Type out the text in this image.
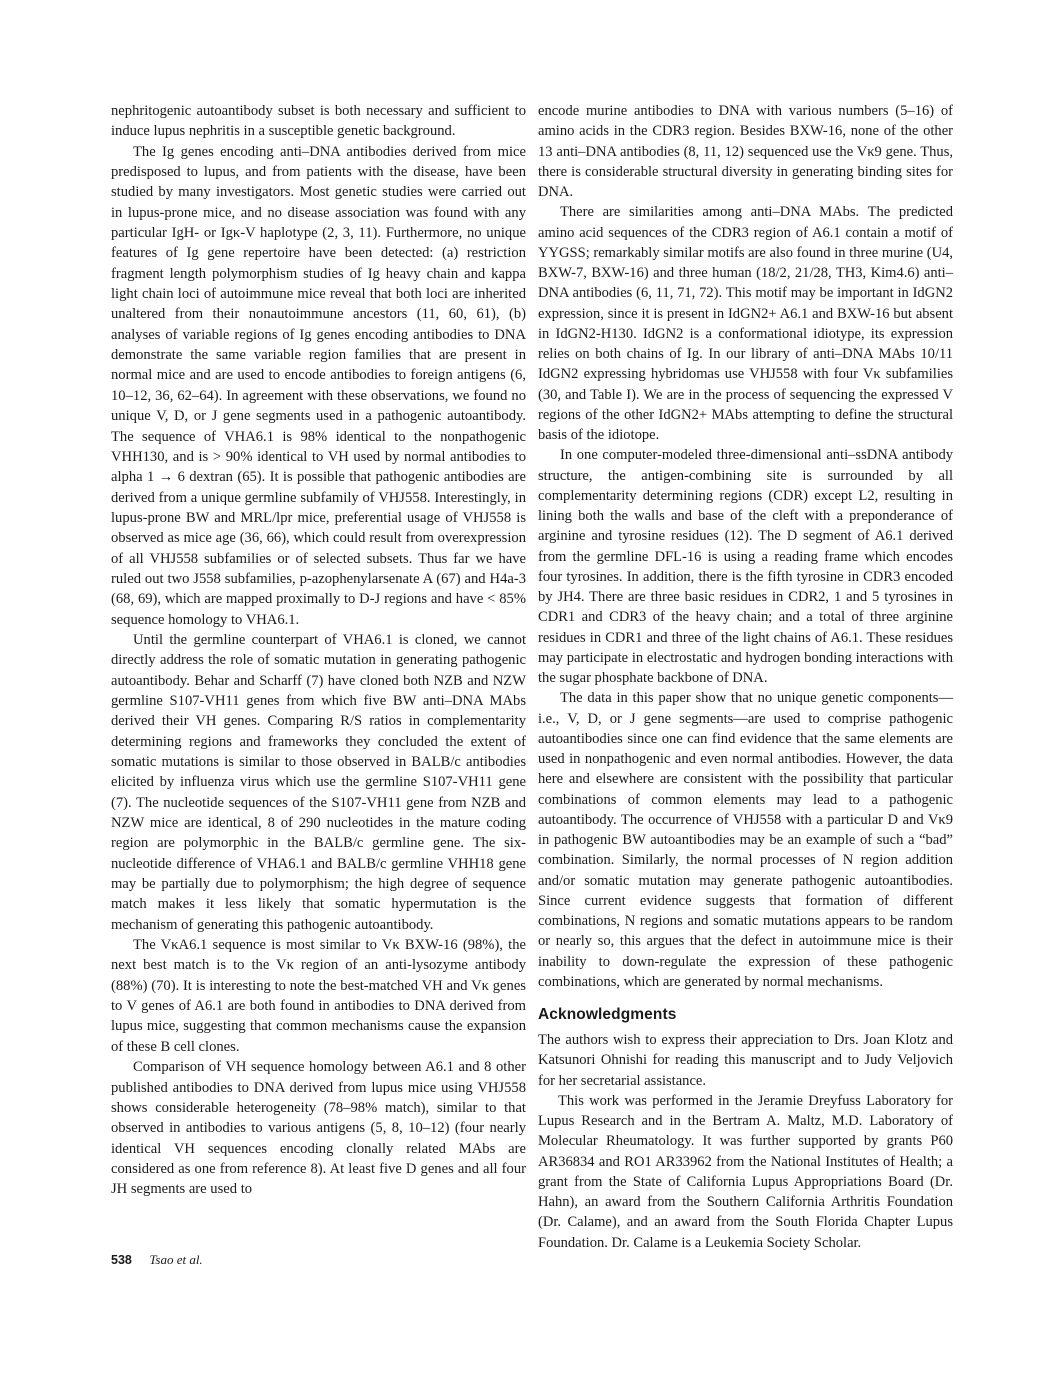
nephritogenic autoantibody subset is both necessary and sufficient to induce lupus nephritis in a susceptible genetic background.

The Ig genes encoding anti–DNA antibodies derived from mice predisposed to lupus, and from patients with the disease, have been studied by many investigators. Most genetic studies were carried out in lupus-prone mice, and no disease association was found with any particular IgH- or Igκ-V haplotype (2, 3, 11). Furthermore, no unique features of Ig gene repertoire have been detected: (a) restriction fragment length polymorphism studies of Ig heavy chain and kappa light chain loci of autoimmune mice reveal that both loci are inherited unaltered from their nonautoimmune ancestors (11, 60, 61), (b) analyses of variable regions of Ig genes encoding antibodies to DNA demonstrate the same variable region families that are present in normal mice and are used to encode antibodies to foreign antigens (6, 10–12, 36, 62–64). In agreement with these observations, we found no unique V, D, or J gene segments used in a pathogenic autoantibody. The sequence of VHA6.1 is 98% identical to the nonpathogenic VHH130, and is > 90% identical to VH used by normal antibodies to alpha 1 → 6 dextran (65). It is possible that pathogenic antibodies are derived from a unique germline subfamily of VHJ558. Interestingly, in lupus-prone BW and MRL/lpr mice, preferential usage of VHJ558 is observed as mice age (36, 66), which could result from overexpression of all VHJ558 subfamilies or of selected subsets. Thus far we have ruled out two J558 subfamilies, p-azophenylarsenate A (67) and H4a-3 (68, 69), which are mapped proximally to D-J regions and have < 85% sequence homology to VHA6.1.

Until the germline counterpart of VHA6.1 is cloned, we cannot directly address the role of somatic mutation in generating pathogenic autoantibody. Behar and Scharff (7) have cloned both NZB and NZW germline S107-VH11 genes from which five BW anti–DNA MAbs derived their VH genes. Comparing R/S ratios in complementarity determining regions and frameworks they concluded the extent of somatic mutations is similar to those observed in BALB/c antibodies elicited by influenza virus which use the germline S107-VH11 gene (7). The nucleotide sequences of the S107-VH11 gene from NZB and NZW mice are identical, 8 of 290 nucleotides in the mature coding region are polymorphic in the BALB/c germline gene. The six-nucleotide difference of VHA6.1 and BALB/c germline VHH18 gene may be partially due to polymorphism; the high degree of sequence match makes it less likely that somatic hypermutation is the mechanism of generating this pathogenic autoantibody.

The VκA6.1 sequence is most similar to Vκ BXW-16 (98%), the next best match is to the Vκ region of an anti-lysozyme antibody (88%) (70). It is interesting to note the best-matched VH and Vκ genes to V genes of A6.1 are both found in antibodies to DNA derived from lupus mice, suggesting that common mechanisms cause the expansion of these B cell clones.

Comparison of VH sequence homology between A6.1 and 8 other published antibodies to DNA derived from lupus mice using VHJ558 shows considerable heterogeneity (78–98% match), similar to that observed in antibodies to various antigens (5, 8, 10–12) (four nearly identical VH sequences encoding clonally related MAbs are considered as one from reference 8). At least five D genes and all four JH segments are used to

encode murine antibodies to DNA with various numbers (5–16) of amino acids in the CDR3 region. Besides BXW-16, none of the other 13 anti–DNA antibodies (8, 11, 12) sequenced use the Vκ9 gene. Thus, there is considerable structural diversity in generating binding sites for DNA.

There are similarities among anti–DNA MAbs. The predicted amino acid sequences of the CDR3 region of A6.1 contain a motif of YYGSS; remarkably similar motifs are also found in three murine (U4, BXW-7, BXW-16) and three human (18/2, 21/28, TH3, Kim4.6) anti–DNA antibodies (6, 11, 71, 72). This motif may be important in IdGN2 expression, since it is present in IdGN2+ A6.1 and BXW-16 but absent in IdGN2-H130. IdGN2 is a conformational idiotype, its expression relies on both chains of Ig. In our library of anti–DNA MAbs 10/11 IdGN2 expressing hybridomas use VHJ558 with four Vκ subfamilies (30, and Table I). We are in the process of sequencing the expressed V regions of the other IdGN2+ MAbs attempting to define the structural basis of the idiotope.

In one computer-modeled three-dimensional anti–ssDNA antibody structure, the antigen-combining site is surrounded by all complementarity determining regions (CDR) except L2, resulting in lining both the walls and base of the cleft with a preponderance of arginine and tyrosine residues (12). The D segment of A6.1 derived from the germline DFL-16 is using a reading frame which encodes four tyrosines. In addition, there is the fifth tyrosine in CDR3 encoded by JH4. There are three basic residues in CDR2, 1 and 5 tyrosines in CDR1 and CDR3 of the heavy chain; and a total of three arginine residues in CDR1 and three of the light chains of A6.1. These residues may participate in electrostatic and hydrogen bonding interactions with the sugar phosphate backbone of DNA.

The data in this paper show that no unique genetic components—i.e., V, D, or J gene segments—are used to comprise pathogenic autoantibodies since one can find evidence that the same elements are used in nonpathogenic and even normal antibodies. However, the data here and elsewhere are consistent with the possibility that particular combinations of common elements may lead to a pathogenic autoantibody. The occurrence of VHJ558 with a particular D and Vκ9 in pathogenic BW autoantibodies may be an example of such a “bad” combination. Similarly, the normal processes of N region addition and/or somatic mutation may generate pathogenic autoantibodies. Since current evidence suggests that formation of different combinations, N regions and somatic mutations appears to be random or nearly so, this argues that the defect in autoimmune mice is their inability to down-regulate the expression of these pathogenic combinations, which are generated by normal mechanisms.

Acknowledgments

The authors wish to express their appreciation to Drs. Joan Klotz and Katsunori Ohnishi for reading this manuscript and to Judy Veljovich for her secretarial assistance.

This work was performed in the Jeramie Dreyfuss Laboratory for Lupus Research and in the Bertram A. Maltz, M.D. Laboratory of Molecular Rheumatology. It was further supported by grants P60 AR36834 and RO1 AR33962 from the National Institutes of Health; a grant from the State of California Lupus Appropriations Board (Dr. Hahn), an award from the Southern California Arthritis Foundation (Dr. Calame), and an award from the South Florida Chapter Lupus Foundation. Dr. Calame is a Leukemia Society Scholar.

538 Tsao et al.
